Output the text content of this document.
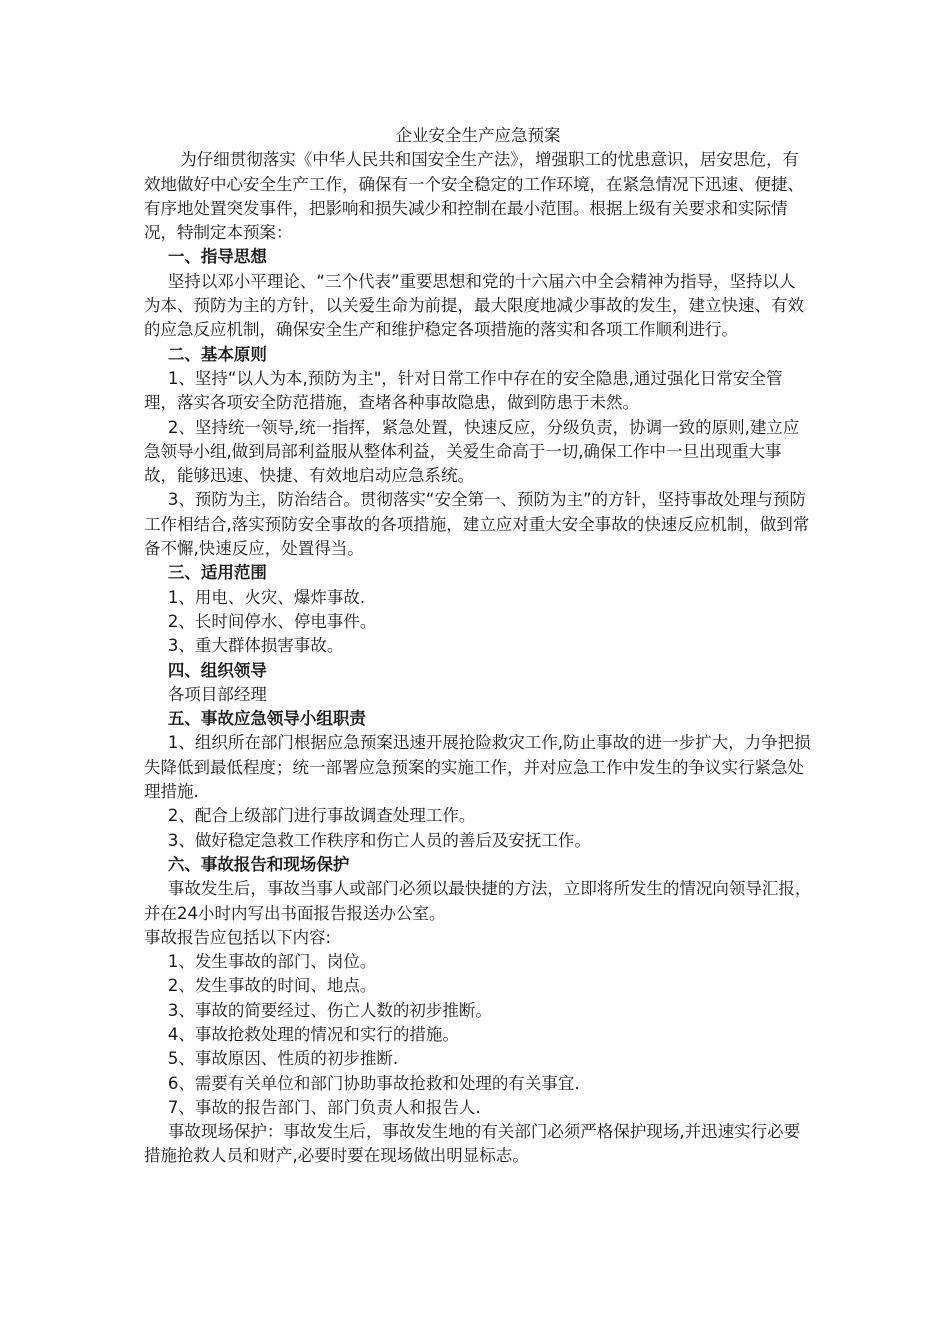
企业安全生产应急预案

为仔细贯彻落实《中华人民共和国安全生产法》，增强职工的忧患意识，居安思危，有效地做好中心安全生产工作，确保有一个安全稳定的工作环境，在紧急情况下迅速、便捷、有序地处置突发事件，把影响和损失减少和控制在最小范围。根据上级有关要求和实际情况，特制定本预案：

一、指导思想

坚持以邓小平理论、“三个代表”重要思想和党的十六届六中全会精神为指导，坚持以人为本、预防为主的方针，以关爱生命为前提，最大限度地减少事故的发生，建立快速、有效的应急反应机制，确保安全生产和维护稳定各项措施的落实和各项工作顺利进行。

二、基本原则

1、坚持“以人为本,预防为主"，针对日常工作中存在的安全隐患,通过强化日常安全管理，落实各项安全防范措施，查堵各种事故隐患，做到防患于未然。

2、坚持统一领导,统一指挥，紧急处置，快速反应，分级负责，协调一致的原则,建立应急领导小组,做到局部利益服从整体利益，关爱生命高于一切,确保工作中一旦出现重大事故，能够迅速、快捷、有效地启动应急系统。

3、预防为主，防治结合。贯彻落实“安全第一、预防为主”的方针，坚持事故处理与预防工作相结合,落实预防安全事故的各项措施，建立应对重大安全事故的快速反应机制，做到常备不懈,快速反应，处置得当。

三、适用范围

1、用电、火灾、爆炸事故.

2、长时间停水、停电事件。

3、重大群体损害事故。

四、组织领导

各项目部经理

五、事故应急领导小组职责

1、组织所在部门根据应急预案迅速开展抢险救灾工作,防止事故的进一步扩大，力争把损失降低到最低程度；统一部署应急预案的实施工作，并对应急工作中发生的争议实行紧急处理措施.

2、配合上级部门进行事故调查处理工作。

3、做好稳定急救工作秩序和伤亡人员的善后及安抚工作。

六、事故报告和现场保护

事故发生后，事故当事人或部门必须以最快捷的方法，立即将所发生的情况向领导汇报，并在24小时内写出书面报告报送办公室。

事故报告应包括以下内容:

1、发生事故的部门、岗位。

2、发生事故的时间、地点。

3、事故的简要经过、伤亡人数的初步推断。

4、事故抢救处理的情况和实行的措施。

5、事故原因、性质的初步推断.

6、需要有关单位和部门协助事故抢救和处理的有关事宜.

7、事故的报告部门、部门负责人和报告人.

事故现场保护：事故发生后，事故发生地的有关部门必须严格保护现场,并迅速实行必要措施抢救人员和财产,必要时要在现场做出明显标志。
